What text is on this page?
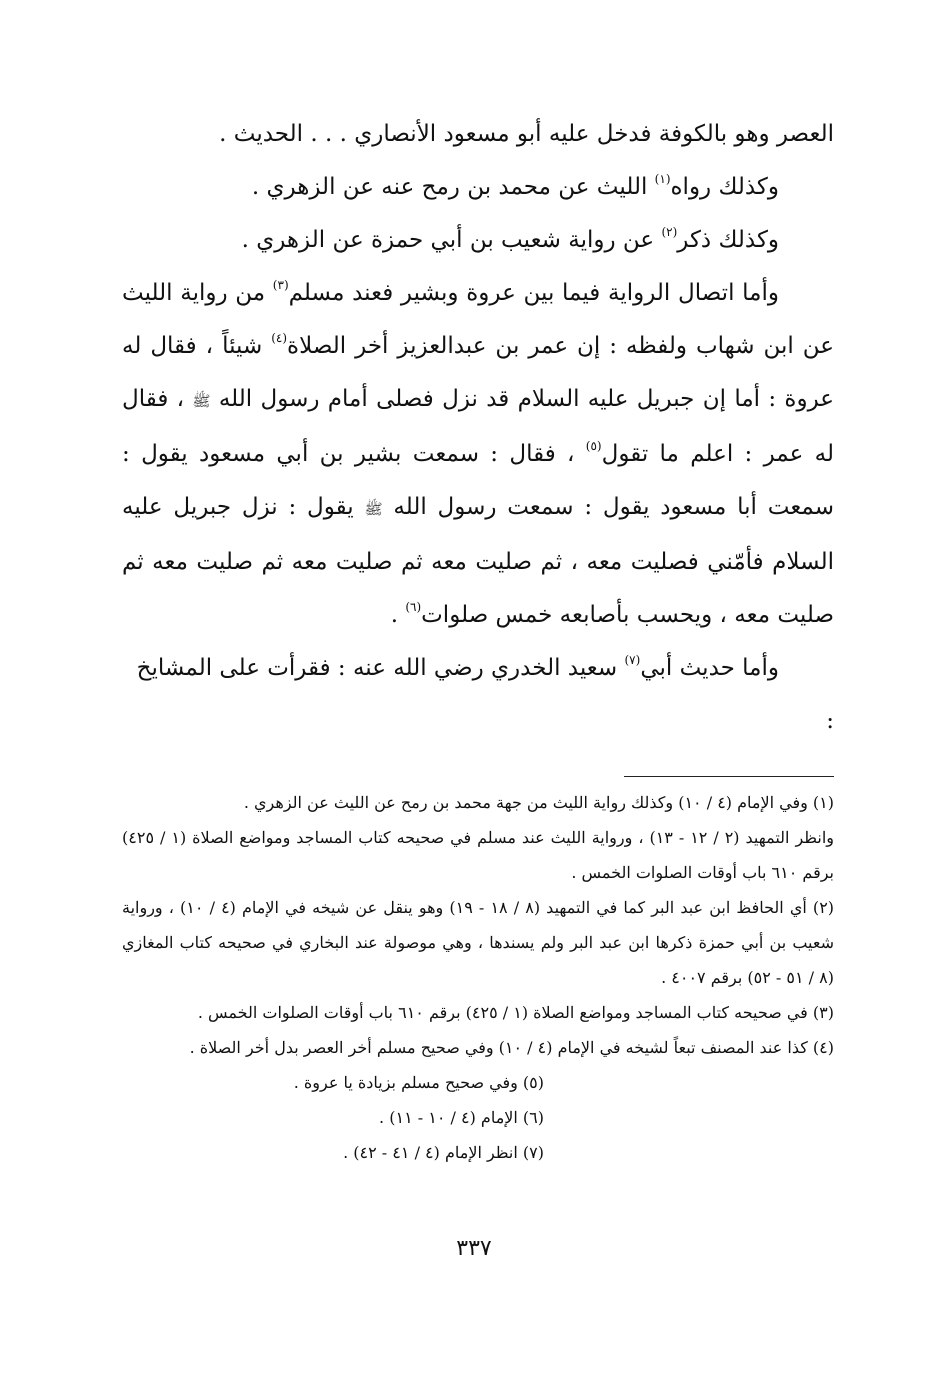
العصر وهو بالكوفة فدخل عليه أبو مسعود الأنصاري . . . الحديث .

وكذلك رواه$^{(١)}$ الليث عن محمد بن رمح عنه عن الزهري .

وكذلك ذكر$^{(٢)}$ عن رواية شعيب بن أبي حمزة عن الزهري .

وأما اتصال الرواية فيما بين عروة وبشير فعند مسلم$^{(٣)}$ من رواية الليث عن ابن شهاب ولفظه : إن عمر بن عبدالعزيز أخر الصلاة$^{(٤)}$ شيئاً ، فقال له عروة : أما إن جبريل عليه السلام قد نزل فصلى أمام رسول الله ﷺ ، فقال له عمر : اعلم ما تقول$^{(٥)}$ ، فقال : سمعت بشير بن أبي مسعود يقول : سمعت أبا مسعود يقول : سمعت رسول الله ﷺ يقول : نزل جبريل عليه السلام فأمّني فصليت معه ، ثم صليت معه ثم صليت معه ثم صليت معه ثم صليت معه ، ويحسب بأصابعه خمس صلوات$^{(٦)}$ .

وأما حديث أبي$^{(٧)}$ سعيد الخدري رضي الله عنه : فقرأت على المشايخ :

(١) وفي الإمام (٤ / ١٠) وكذلك رواية الليث من جهة محمد بن رمح عن الليث عن الزهري .

وانظر التمهيد (٢ / ١٢ - ١٣) ، ورواية الليث عند مسلم في صحيحه كتاب المساجد ومواضع الصلاة (١ / ٤٢٥) برقم ٦١٠ باب أوقات الصلوات الخمس .

(٢) أي الحافظ ابن عبد البر كما في التمهيد (٨ / ١٨ - ١٩) وهو ينقل عن شيخه في الإمام (٤ / ١٠) ، ورواية شعيب بن أبي حمزة ذكرها ابن عبد البر ولم يسندها ، وهي موصولة عند البخاري في صحيحه كتاب المغازي (٨ / ٥١ - ٥٢) برقم ٤٠٠٧ .

(٣) في صحيحه كتاب المساجد ومواضع الصلاة (١ / ٤٢٥) برقم ٦١٠ باب أوقات الصلوات الخمس .

(٤) كذا عند المصنف تبعاً لشيخه في الإمام (٤ / ١٠) وفي صحيح مسلم أخر العصر بدل أخر الصلاة .

(٥) وفي صحيح مسلم بزيادة يا عروة .

(٦) الإمام (٤ / ١٠ - ١١) .

(٧) انظر الإمام (٤ / ٤١ - ٤٢) .

٣٣٧
